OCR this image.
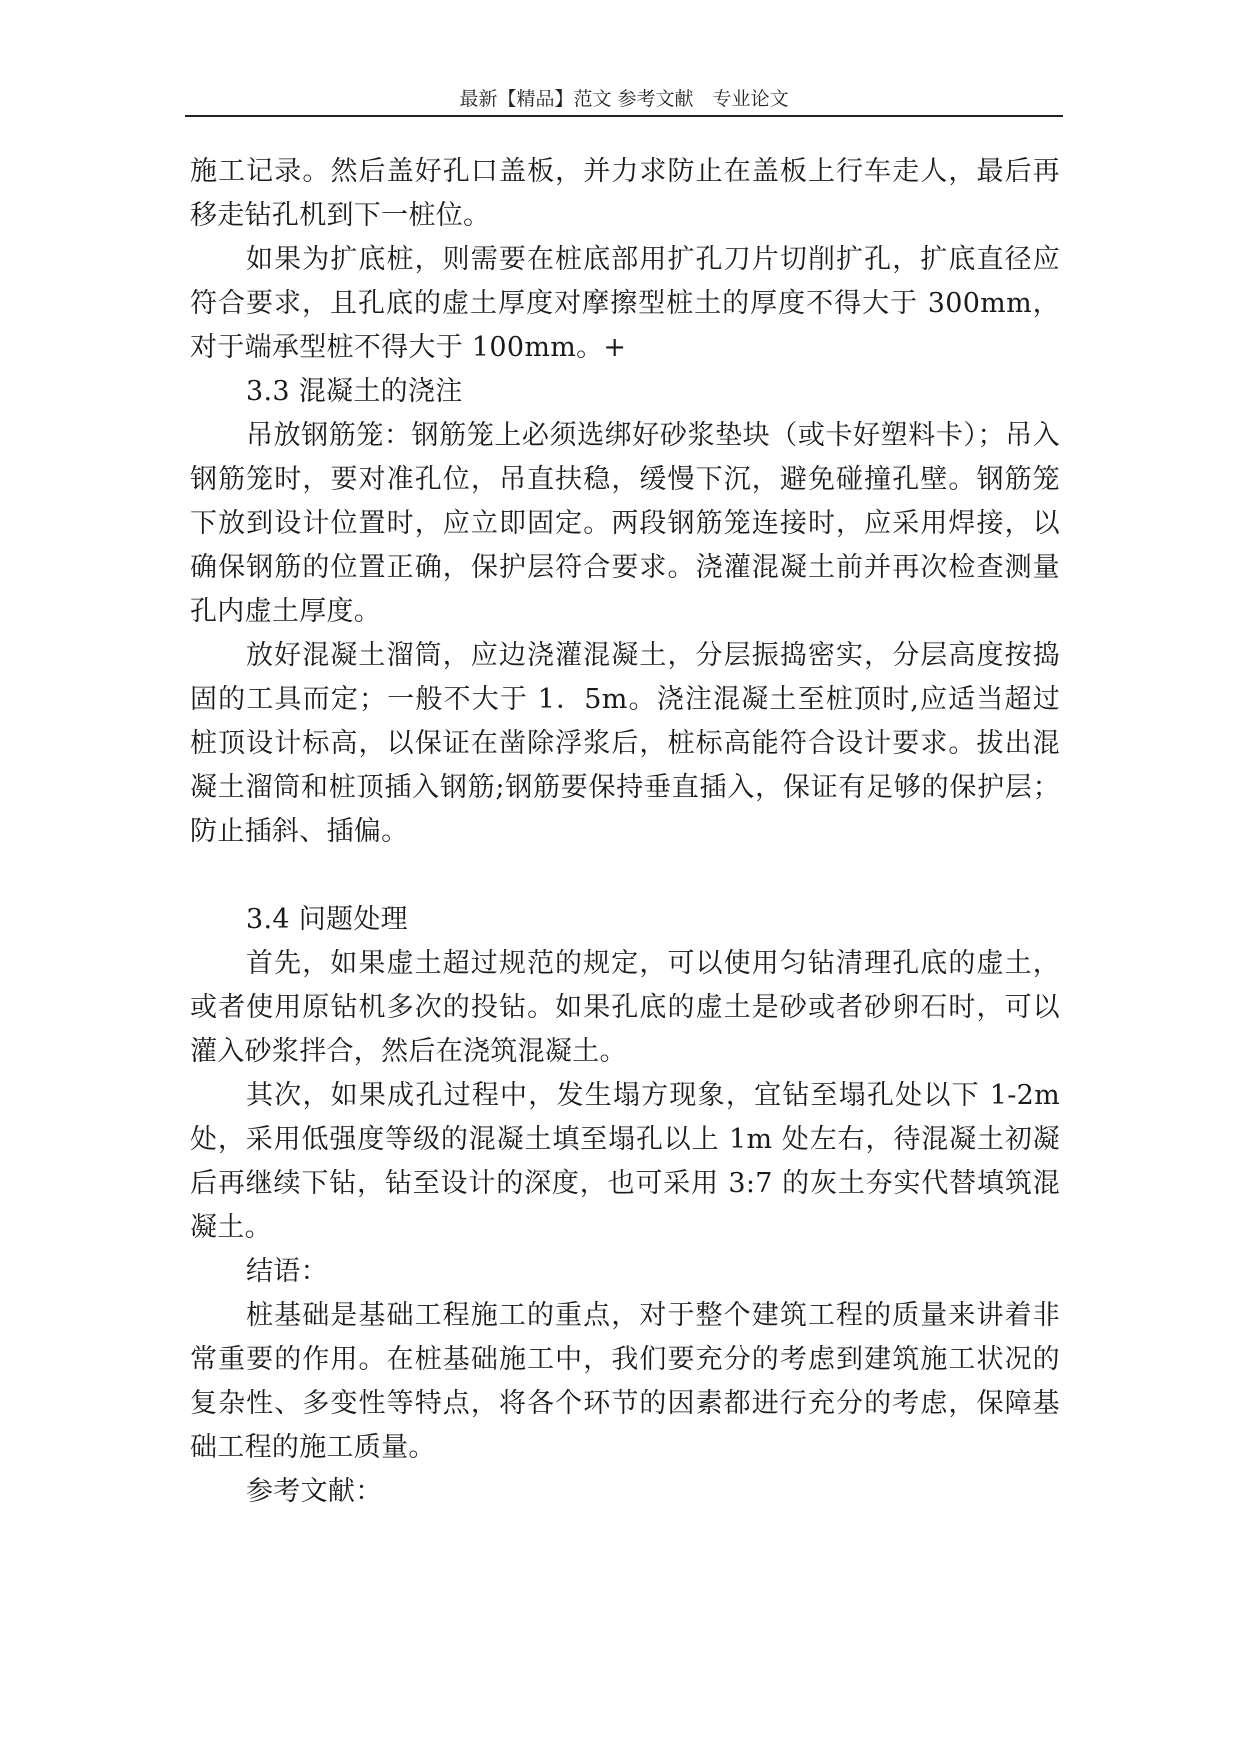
最新【精品】范文 参考文献　专业论文

施工记录。然后盖好孔口盖板，并力求防止在盖板上行车走人，最后再移走钻孔机到下一桩位。

如果为扩底桩，则需要在桩底部用扩孔刀片切削扩孔，扩底直径应符合要求，且孔底的虚土厚度对摩擦型桩土的厚度不得大于 300mm，对于端承型桩不得大于 100mm。+

3.3 混凝土的浇注

吊放钢筋笼：钢筋笼上必须选绑好砂浆垫块（或卡好塑料卡）；吊入钢筋笼时，要对准孔位，吊直扶稳，缓慢下沉，避免碰撞孔壁。钢筋笼下放到设计位置时，应立即固定。两段钢筋笼连接时，应采用焊接，以确保钢筋的位置正确，保护层符合要求。浇灌混凝土前并再次检查测量孔内虚土厚度。

放好混凝土溜筒，应边浇灌混凝土，分层振捣密实，分层高度按捣固的工具而定；一般不大于 1．5m。浇注混凝土至桩顶时,应适当超过桩顶设计标高，以保证在凿除浮浆后，桩标高能符合设计要求。拔出混凝土溜筒和桩顶插入钢筋;钢筋要保持垂直插入，保证有足够的保护层；防止插斜、插偏。

3.4 问题处理

首先，如果虚土超过规范的规定，可以使用匀钻清理孔底的虚土，或者使用原钻机多次的投钻。如果孔底的虚土是砂或者砂卵石时，可以灌入砂浆拌合，然后在浇筑混凝土。

其次，如果成孔过程中，发生塌方现象，宜钻至塌孔处以下 1-2m 处，采用低强度等级的混凝土填至塌孔以上 1m 处左右，待混凝土初凝后再继续下钻，钻至设计的深度，也可采用 3:7 的灰土夯实代替填筑混凝土。

结语：

桩基础是基础工程施工的重点，对于整个建筑工程的质量来讲着非常重要的作用。在桩基础施工中，我们要充分的考虑到建筑施工状况的复杂性、多变性等特点，将各个环节的因素都进行充分的考虑，保障基础工程的施工质量。

参考文献：
